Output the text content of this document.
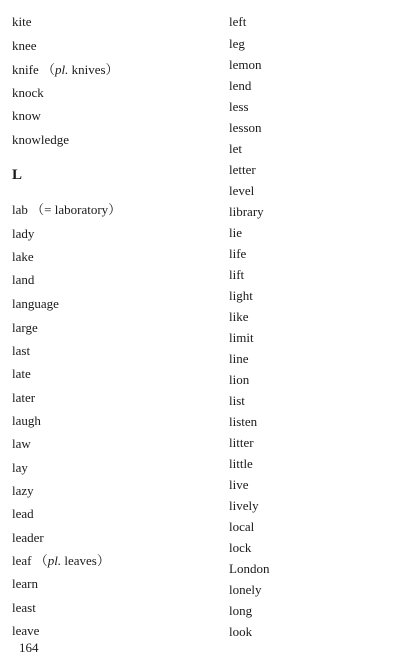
kite
knee
knife （pl. knives）
knock
know
knowledge
lab （= laboratory）
lady
lake
land
language
large
last
late
later
laugh
law
lay
lazy
lead
leader
leaf （pl. leaves）
learn
least
leave
L
left
leg
lemon
lend
less
lesson
let
letter
level
library
lie
life
lift
light
like
limit
line
lion
list
listen
litter
little
live
lively
local
lock
London
lonely
long
look
164
